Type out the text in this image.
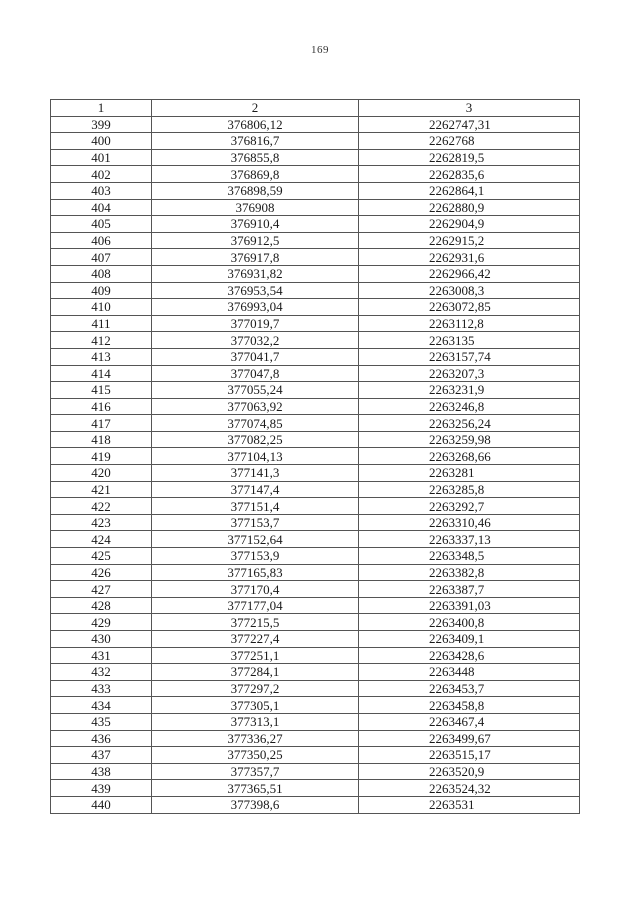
169
1	2	3
399	376806,12	2262747,31
400	376816,7	2262768
401	376855,8	2262819,5
402	376869,8	2262835,6
403	376898,59	2262864,1
404	376908	2262880,9
405	376910,4	2262904,9
406	376912,5	2262915,2
407	376917,8	2262931,6
408	376931,82	2262966,42
409	376953,54	2263008,3
410	376993,04	2263072,85
411	377019,7	2263112,8
412	377032,2	2263135
413	377041,7	2263157,74
414	377047,8	2263207,3
415	377055,24	2263231,9
416	377063,92	2263246,8
417	377074,85	2263256,24
418	377082,25	2263259,98
419	377104,13	2263268,66
420	377141,3	2263281
421	377147,4	2263285,8
422	377151,4	2263292,7
423	377153,7	2263310,46
424	377152,64	2263337,13
425	377153,9	2263348,5
426	377165,83	2263382,8
427	377170,4	2263387,7
428	377177,04	2263391,03
429	377215,5	2263400,8
430	377227,4	2263409,1
431	377251,1	2263428,6
432	377284,1	2263448
433	377297,2	2263453,7
434	377305,1	2263458,8
435	377313,1	2263467,4
436	377336,27	2263499,67
437	377350,25	2263515,17
438	377357,7	2263520,9
439	377365,51	2263524,32
440	377398,6	2263531
